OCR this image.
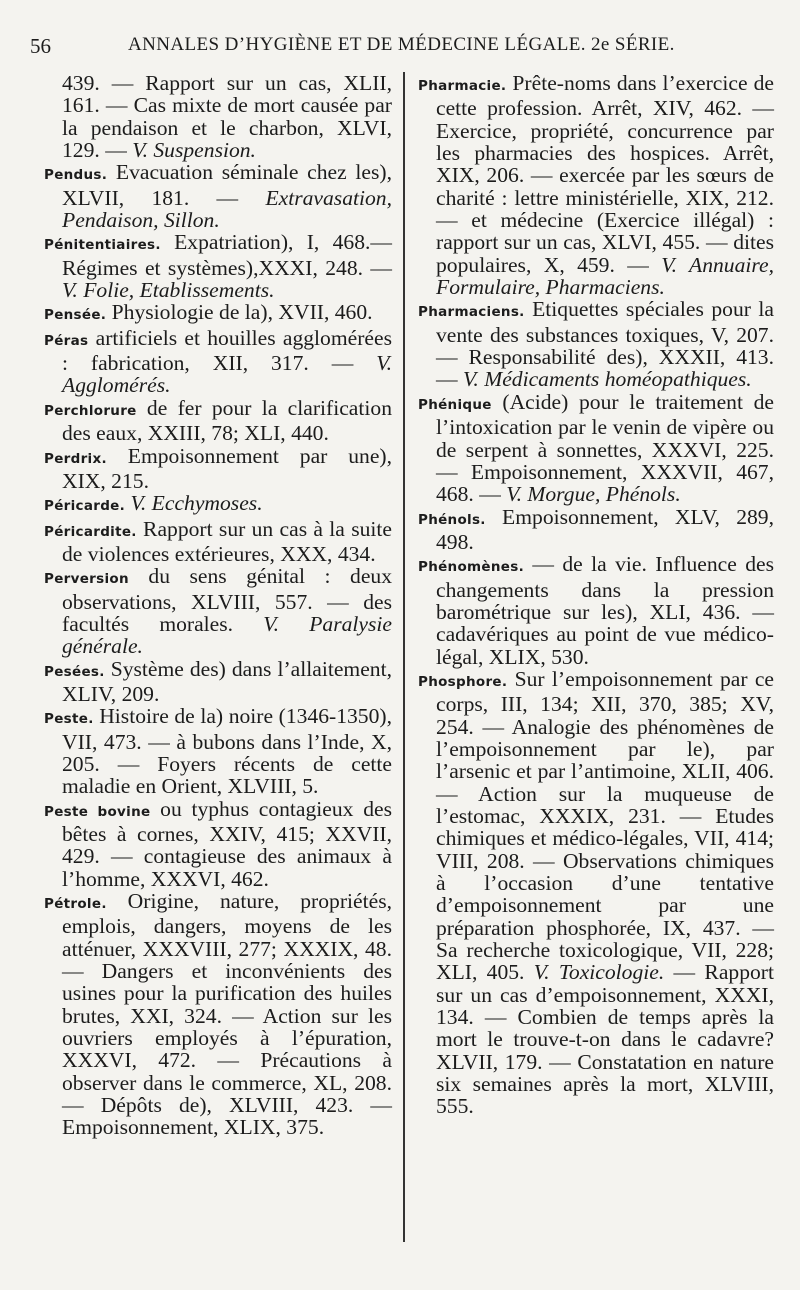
56	ANNALES D’HYGIÈNE ET DE MÉDECINE LÉGALE. 2e SÉRIE.

439. — Rapport sur un cas, XLII, 161. — Cas mixte de mort causée par la pendaison et le charbon, XLVI, 129. — V. Suspension.

Pendus. Evacuation séminale chez les), XLVII, 181. — Extravasation, Pendaison, Sillon.

Pénitentiaires. Expatriation), I, 468.— Régimes et systèmes),XXXI, 248. — V. Folie, Etablissements.

Pensée. Physiologie de la), XVII, 460.

Péras artificiels et houilles agglomérées : fabrication, XII, 317. — V. Agglomérés.

Perchlorure de fer pour la clarification des eaux, XXIII, 78; XLI, 440.

Perdrix. Empoisonnement par une), XIX, 215.

Péricarde. V. Ecchymoses.

Péricardite. Rapport sur un cas à la suite de violences extérieures, XXX, 434.

Perversion du sens génital : deux observations, XLVIII, 557. — des facultés morales. V. Paralysie générale.

Pesées. Système des) dans l’allaitement, XLIV, 209.

Peste. Histoire de la) noire (1346-1350), VII, 473. — à bubons dans l’Inde, X, 205. — Foyers récents de cette maladie en Orient, XLVIII, 5.

Peste bovine ou typhus contagieux des bêtes à cornes, XXIV, 415; XXVII, 429. — contagieuse des animaux à l’homme, XXXVI, 462.

Pétrole. Origine, nature, propriétés, emplois, dangers, moyens de les atténuer, XXXVIII, 277; XXXIX, 48. — Dangers et inconvénients des usines pour la purification des huiles brutes, XXI, 324. — Action sur les ouvriers employés à l’épuration, XXXVI, 472. — Précautions à observer dans le commerce, XL, 208. — Dépôts de), XLVIII, 423. — Empoisonnement, XLIX, 375.

Pharmacie. Prête-noms dans l’exercice de cette profession. Arrêt, XIV, 462. — Exercice, propriété, concurrence par les pharmacies des hospices. Arrêt, XIX, 206. — exercée par les sœurs de charité : lettre ministérielle, XIX, 212. — et médecine (Exercice illégal) : rapport sur un cas, XLVI, 455. — dites populaires, X, 459. — V. Annuaire, Formulaire, Pharmaciens.

Pharmaciens. Etiquettes spéciales pour la vente des substances toxiques, V, 207. — Responsabilité des), XXXII, 413. — V. Médicaments homéopathiques.

Phénique (Acide) pour le traitement de l’intoxication par le venin de vipère ou de serpent à sonnettes, XXXVI, 225. — Empoisonnement, XXXVII, 467, 468. — V. Morgue, Phénols.

Phénols. Empoisonnement, XLV, 289, 498.

Phénomènes. — de la vie. Influence des changements dans la pression barométrique sur les), XLI, 436. — cadavériques au point de vue médico-légal, XLIX, 530.

Phosphore. Sur l’empoisonnement par ce corps, III, 134; XII, 370, 385; XV, 254. — Analogie des phénomènes de l’empoisonnement par le), par l’arsenic et par l’antimoine, XLII, 406. — Action sur la muqueuse de l’estomac, XXXIX, 231. — Etudes chimiques et médico-légales, VII, 414; VIII, 208. — Observations chimiques à l’occasion d’une tentative d’empoisonnement par une préparation phosphorée, IX, 437. — Sa recherche toxicologique, VII, 228; XLI, 405. V. Toxicologie. — Rapport sur un cas d’empoisonnement, XXXI, 134. — Combien de temps après la mort le trouve-t-on dans le cadavre? XLVII, 179. — Constatation en nature six semaines après la mort, XLVIII, 555.
